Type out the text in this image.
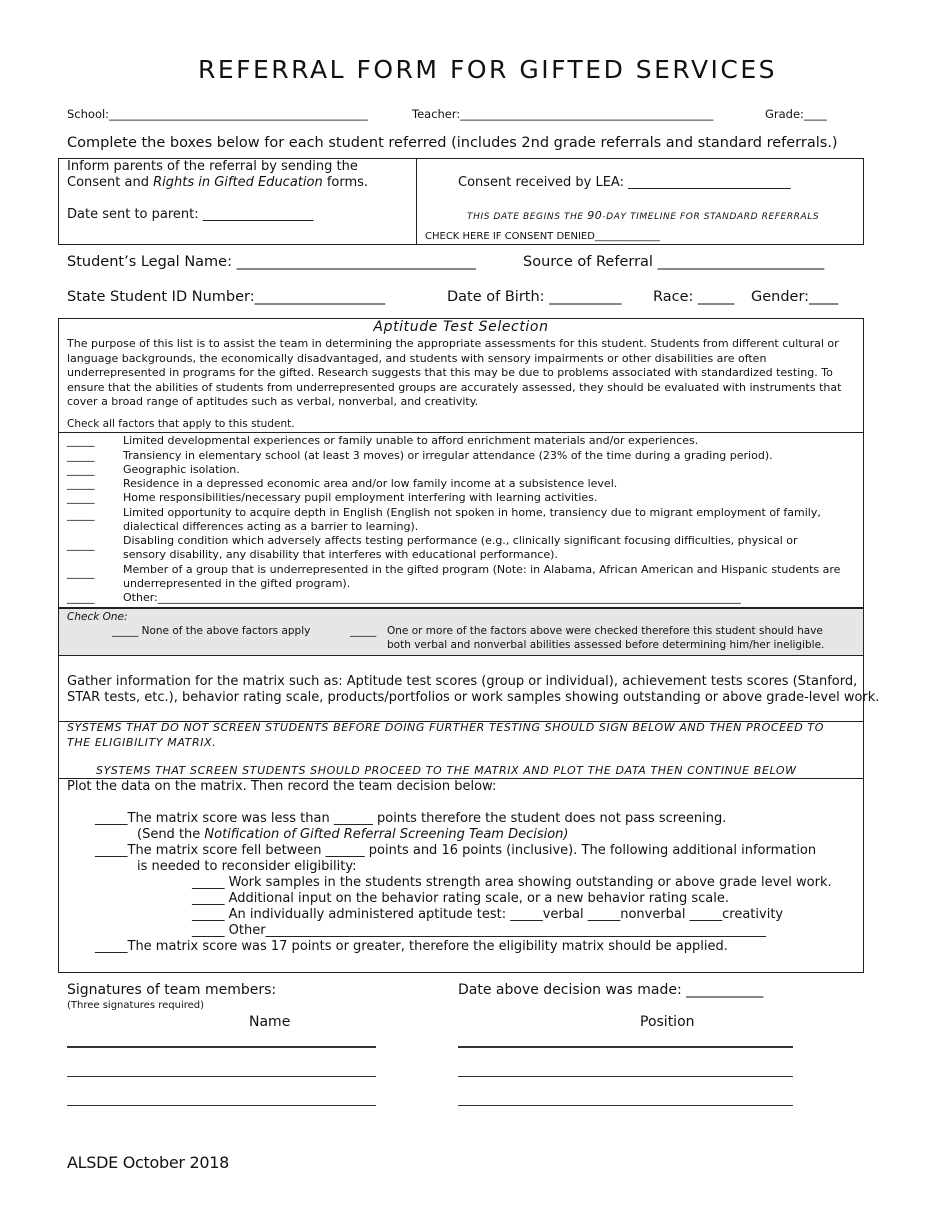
REFERRAL FORM FOR GIFTED SERVICES
School:_____________________________________________	Teacher:____________________________________________	Grade:____
Complete the boxes below for each student referred (includes 2nd grade referrals and standard referrals.)
Inform parents of the referral by sending the
Consent and Rights in Gifted Education forms.
Date sent to parent: _________________
Consent received by LEA: _________________________
THIS DATE BEGINS THE 90-DAY TIMELINE FOR STANDARD REFERRALS
CHECK HERE IF CONSENT DENIED_____________
Student’s Legal Name: _________________________________	Source of Referral _______________________
State Student ID Number:__________________	Date of Birth: __________ Race: _____ Gender:____
Aptitude Test Selection
The purpose of this list is to assist the team in determining the appropriate assessments for this student. Students from different cultural or language backgrounds, the economically disadvantaged, and students with sensory impairments or other disabilities are often underrepresented in programs for the gifted. Research suggests that this may be due to problems associated with standardized testing. To ensure that the abilities of students from underrepresented groups are accurately assessed, they should be evaluated with instruments that cover a broad range of aptitudes such as verbal, nonverbal, and creativity.
Check all factors that apply to this student.
_____	Limited developmental experiences or family unable to afford enrichment materials and/or experiences.
_____	Transiency in elementary school (at least 3 moves) or irregular attendance (23% of the time during a grading period).
_____	Geographic isolation.
_____	Residence in a depressed economic area and/or low family income at a subsistence level.
_____	Home responsibilities/necessary pupil employment interfering with learning activities.
_____	Limited opportunity to acquire depth in English (English not spoken in home, transiency due to migrant employment of family, dialectical differences acting as a barrier to learning).
_____	Disabling condition which adversely affects testing performance (e.g., clinically significant focusing difficulties, physical or sensory disability, any disability that interferes with educational performance).
_____	Member of a group that is underrepresented in the gifted program (Note: in Alabama, African American and Hispanic students are underrepresented in the gifted program).
_____	Other:__________________________________________________________________________________________________________
Check One:
_____ None of the above factors apply	_____ One or more of the factors above were checked therefore this student should have
both verbal and nonverbal abilities assessed before determining him/her ineligible.
Gather information for the matrix such as: Aptitude test scores (group or individual), achievement tests scores (Stanford,
STAR tests, etc.), behavior rating scale, products/portfolios or work samples showing outstanding or above grade-level work.
SYSTEMS THAT DO NOT SCREEN STUDENTS BEFORE DOING FURTHER TESTING SHOULD SIGN BELOW AND THEN PROCEED TO
THE ELIGIBILITY MATRIX.
SYSTEMS THAT SCREEN STUDENTS SHOULD PROCEED TO THE MATRIX AND PLOT THE DATA THEN CONTINUE BELOW
Plot the data on the matrix. Then record the team decision below:
_____The matrix score was less than ______ points therefore the student does not pass screening.
(Send the Notification of Gifted Referral Screening Team Decision)
_____The matrix score fell between ______ points and 16 points (inclusive). The following additional information
is needed to reconsider eligibility:
_____ Work samples in the students strength area showing outstanding or above grade level work.
_____ Additional input on the behavior rating scale, or a new behavior rating scale.
_____ An individually administered aptitude test: _____verbal _____nonverbal _____creativity
_____ Other_____________________________________________________________________________
_____The matrix score was 17 points or greater, therefore the eligibility matrix should be applied.
Signatures of team members:
(Three signatures required)
Date above decision was made: ___________
Name	Position
ALSDE October 2018
